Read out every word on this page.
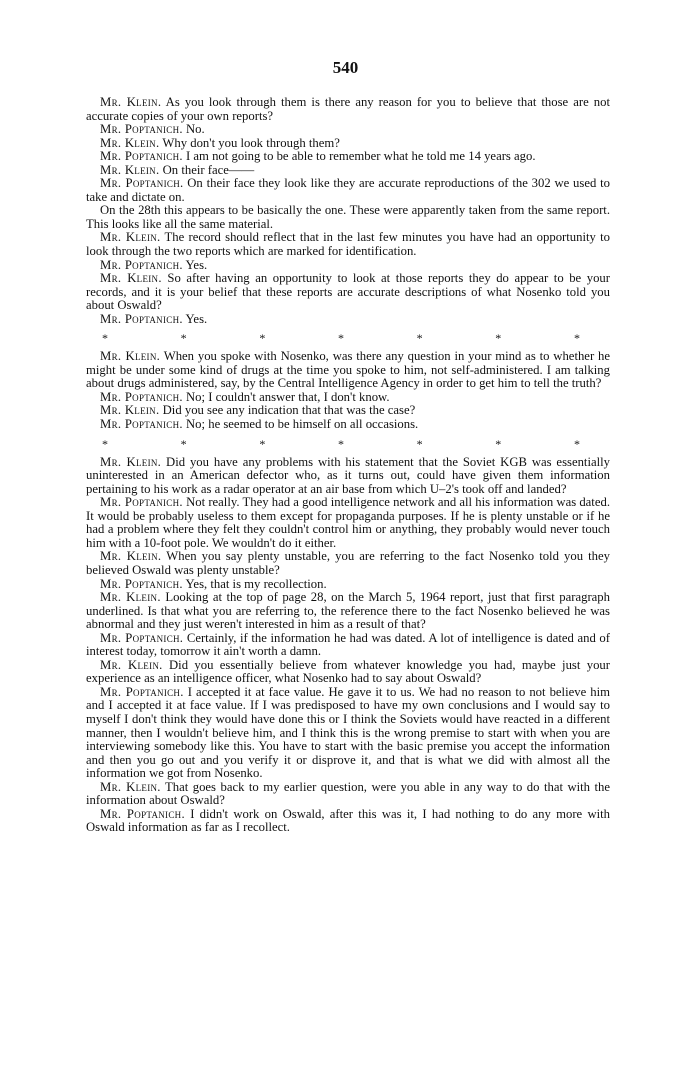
540

Mr. Klein. As you look through them is there any reason for you to believe that those are not accurate copies of your own reports?

Mr. Poptanich. No.

Mr. Klein. Why don't you look through them?

Mr. Poptanich. I am not going to be able to remember what he told me 14 years ago.

Mr. Klein. On their face——

Mr. Poptanich. On their face they look like they are accurate reproductions of the 302 we used to take and dictate on.

On the 28th this appears to be basically the one. These were apparently taken from the same report. This looks like all the same material.

Mr. Klein. The record should reflect that in the last few minutes you have had an opportunity to look through the two reports which are marked for identification.

Mr. Poptanich. Yes.

Mr. Klein. So after having an opportunity to look at those reports they do appear to be your records, and it is your belief that these reports are accurate descriptions of what Nosenko told you about Oswald?

Mr. Poptanich. Yes.

*	*	*	*	*	*	*

Mr. Klein. When you spoke with Nosenko, was there any question in your mind as to whether he might be under some kind of drugs at the time you spoke to him, not self-administered. I am talking about drugs administered, say, by the Central Intelligence Agency in order to get him to tell the truth?

Mr. Poptanich. No; I couldn't answer that, I don't know.

Mr. Klein. Did you see any indication that that was the case?

Mr. Poptanich. No; he seemed to be himself on all occasions.

*	*	*	*	*	*	*

Mr. Klein. Did you have any problems with his statement that the Soviet KGB was essentially uninterested in an American defector who, as it turns out, could have given them information pertaining to his work as a radar operator at an air base from which U–2's took off and landed?

Mr. Poptanich. Not really. They had a good intelligence network and all his information was dated. It would be probably useless to them except for propaganda purposes. If he is plenty unstable or if he had a problem where they felt they couldn't control him or anything, they probably would never touch him with a 10-foot pole. We wouldn't do it either.

Mr. Klein. When you say plenty unstable, you are referring to the fact Nosenko told you they believed Oswald was plenty unstable?

Mr. Poptanich. Yes, that is my recollection.

Mr. Klein. Looking at the top of page 28, on the March 5, 1964 report, just that first paragraph underlined. Is that what you are referring to, the reference there to the fact Nosenko believed he was abnormal and they just weren't interested in him as a result of that?

Mr. Poptanich. Certainly, if the information he had was dated. A lot of intelligence is dated and of interest today, tomorrow it ain't worth a damn.

Mr. Klein. Did you essentially believe from whatever knowledge you had, maybe just your experience as an intelligence officer, what Nosenko had to say about Oswald?

Mr. Poptanich. I accepted it at face value. He gave it to us. We had no reason to not believe him and I accepted it at face value. If I was predisposed to have my own conclusions and I would say to myself I don't think they would have done this or I think the Soviets would have reacted in a different manner, then I wouldn't believe him, and I think this is the wrong premise to start with when you are interviewing somebody like this. You have to start with the basic premise you accept the information and then you go out and you verify it or disprove it, and that is what we did with almost all the information we got from Nosenko.

Mr. Klein. That goes back to my earlier question, were you able in any way to do that with the information about Oswald?

Mr. Poptanich. I didn't work on Oswald, after this was it, I had nothing to do any more with Oswald information as far as I recollect.
